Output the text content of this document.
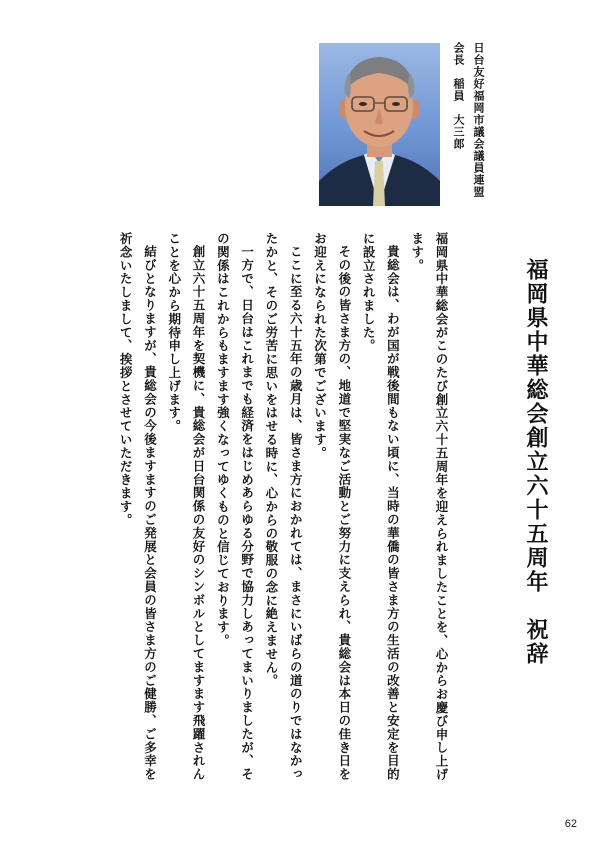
日台友好福岡市議会議員連盟
会長　稲員　大三郎
福岡県中華総会創立六十五周年　祝辞

福岡県中華総会がこのたび創立六十五周年を迎えられましたことを、心からお慶び申し上げます。

貴総会は、わが国が戦後間もない頃に、当時の華僑の皆さま方の生活の改善と安定を目的に設立されました。

その後の皆さま方の、地道で堅実なご活動とご努力に支えられ、貴総会は本日の佳き日をお迎えになられた次第でございます。

ここに至る六十五年の歳月は、皆さま方におかれては、まさにいばらの道のりではなかったかと、そのご労苦に思いをはせる時に、心からの敬服の念に絶えません。

一方で、日台はこれまでも経済をはじめあらゆる分野で協力しあってまいりましたが、その関係はこれからもますます強くなってゆくものと信じております。

創立六十五周年を契機に、貴総会が日台関係の友好のシンボルとしてますます飛躍されんことを心から期待申し上げます。

結びとなりますが、貴総会の今後ますますのご発展と会員の皆さま方のご健勝、ご多幸を祈念いたしまして、挨拶とさせていただきます。

62
